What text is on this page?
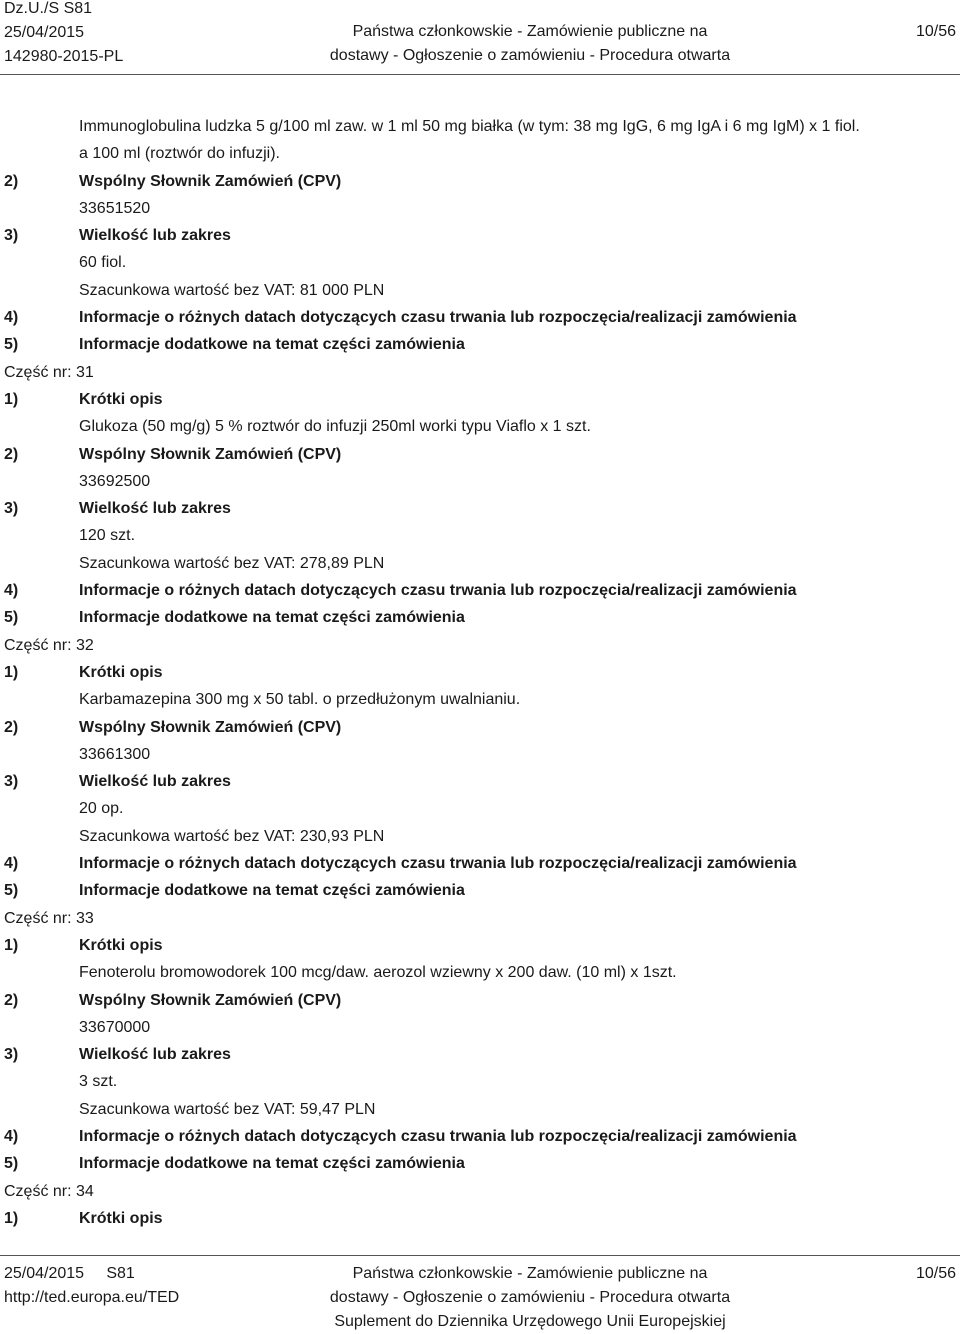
Dz.U./S S81
25/04/2015
142980-2015-PL
Państwa członkowskie - Zamówienie publiczne na
dostawy - Ogłoszenie o zamówieniu - Procedura otwarta
10/56
Immunoglobulina ludzka 5 g/100 ml zaw. w 1 ml 50 mg białka (w tym: 38 mg IgG, 6 mg IgA i 6 mg IgM) x 1 fiol.
a 100 ml (roztwór do infuzji).
2)	Wspólny Słownik Zamówień (CPV)
33651520
3)	Wielkość lub zakres
60 fiol.
Szacunkowa wartość bez VAT: 81 000 PLN
4)	Informacje o różnych datach dotyczących czasu trwania lub rozpoczęcia/realizacji zamówienia
5)	Informacje dodatkowe na temat części zamówienia
Część nr: 31
1)	Krótki opis
Glukoza (50 mg/g) 5 % roztwór do infuzji 250ml worki typu Viaflo x 1 szt.
2)	Wspólny Słownik Zamówień (CPV)
33692500
3)	Wielkość lub zakres
120 szt.
Szacunkowa wartość bez VAT: 278,89 PLN
4)	Informacje o różnych datach dotyczących czasu trwania lub rozpoczęcia/realizacji zamówienia
5)	Informacje dodatkowe na temat części zamówienia
Część nr: 32
1)	Krótki opis
Karbamazepina 300 mg x 50 tabl. o przedłużonym uwalnianiu.
2)	Wspólny Słownik Zamówień (CPV)
33661300
3)	Wielkość lub zakres
20 op.
Szacunkowa wartość bez VAT: 230,93 PLN
4)	Informacje o różnych datach dotyczących czasu trwania lub rozpoczęcia/realizacji zamówienia
5)	Informacje dodatkowe na temat części zamówienia
Część nr: 33
1)	Krótki opis
Fenoterolu bromowodorek 100 mcg/daw. aerozol wziewny x 200 daw. (10 ml) x 1szt.
2)	Wspólny Słownik Zamówień (CPV)
33670000
3)	Wielkość lub zakres
3 szt.
Szacunkowa wartość bez VAT: 59,47 PLN
4)	Informacje o różnych datach dotyczących czasu trwania lub rozpoczęcia/realizacji zamówienia
5)	Informacje dodatkowe na temat części zamówienia
Część nr: 34
1)	Krótki opis
25/04/2015 S81
http://ted.europa.eu/TED
Państwa członkowskie - Zamówienie publiczne na
dostawy - Ogłoszenie o zamówieniu - Procedura otwarta
Suplement do Dziennika Urzędowego Unii Europejskiej
10/56
